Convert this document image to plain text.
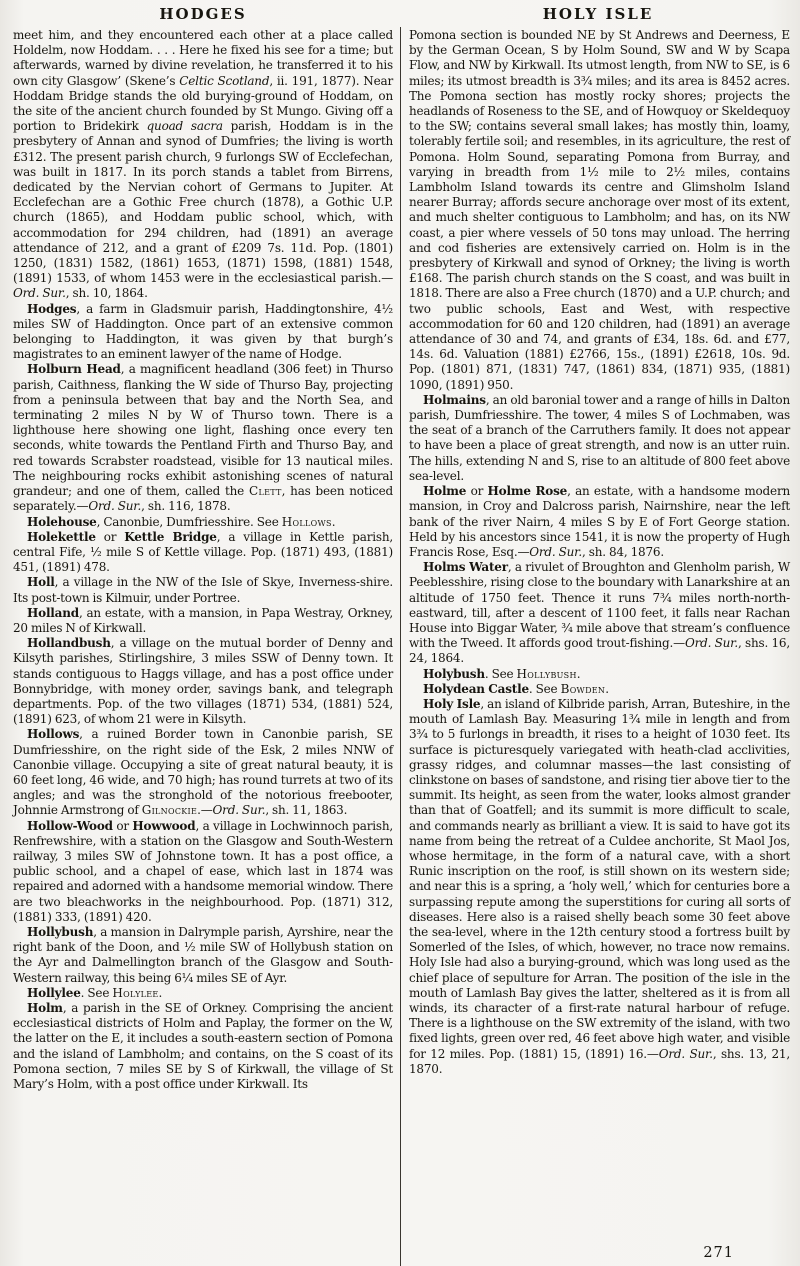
HODGES	HOLY ISLE

meet him, and they encountered each other at a place called Holdelm, now Hoddam. . . . Here he fixed his see for a time; but afterwards, warned by divine revelation, he transferred it to his own city Glasgow’ (Skene’s Celtic Scotland, ii. 191, 1877). Near Hoddam Bridge stands the old burying-ground of Hoddam, on the site of the ancient church founded by St Mungo. Giving off a portion to Bridekirk quoad sacra parish, Hoddam is in the presbytery of Annan and synod of Dumfries; the living is worth £312. The present parish church, 9 furlongs SW of Ecclefechan, was built in 1817. In its porch stands a tablet from Birrens, dedicated by the Nervian cohort of Germans to Jupiter. At Ecclefechan are a Gothic Free church (1878), a Gothic U.P. church (1865), and Hoddam public school, which, with accommodation for 294 children, had (1891) an average attendance of 212, and a grant of £209 7s. 11d. Pop. (1801) 1250, (1831) 1582, (1861) 1653, (1871) 1598, (1881) 1548, (1891) 1533, of whom 1453 were in the ecclesiastical parish.—Ord. Sur., sh. 10, 1864.

Hodges, a farm in Gladsmuir parish, Haddingtonshire, 4½ miles SW of Haddington. Once part of an extensive common belonging to Haddington, it was given by that burgh’s magistrates to an eminent lawyer of the name of Hodge.

Holburn Head, a magnificent headland (306 feet) in Thurso parish, Caithness, flanking the W side of Thurso Bay, projecting from a peninsula between that bay and the North Sea, and terminating 2 miles N by W of Thurso town. There is a lighthouse here showing one light, flashing once every ten seconds, white towards the Pentland Firth and Thurso Bay, and red towards Scrabster roadstead, visible for 13 nautical miles. The neighbouring rocks exhibit astonishing scenes of natural grandeur; and one of them, called the Clett, has been noticed separately.—Ord. Sur., sh. 116, 1878.

Holehouse, Canonbie, Dumfriesshire. See Hollows.

Holekettle or Kettle Bridge, a village in Kettle parish, central Fife, ½ mile S of Kettle village. Pop. (1871) 493, (1881) 451, (1891) 478.

Holl, a village in the NW of the Isle of Skye, Inverness-shire. Its post-town is Kilmuir, under Portree.

Holland, an estate, with a mansion, in Papa Westray, Orkney, 20 miles N of Kirkwall.

Hollandbush, a village on the mutual border of Denny and Kilsyth parishes, Stirlingshire, 3 miles SSW of Denny town. It stands contiguous to Haggs village, and has a post office under Bonnybridge, with money order, savings bank, and telegraph departments. Pop. of the two villages (1871) 534, (1881) 524, (1891) 623, of whom 21 were in Kilsyth.

Hollows, a ruined Border town in Canonbie parish, SE Dumfriesshire, on the right side of the Esk, 2 miles NNW of Canonbie village. Occupying a site of great natural beauty, it is 60 feet long, 46 wide, and 70 high; has round turrets at two of its angles; and was the stronghold of the notorious freebooter, Johnnie Armstrong of Gilnockie.—Ord. Sur., sh. 11, 1863.

Hollow-Wood or Howwood, a village in Lochwinnoch parish, Renfrewshire, with a station on the Glasgow and South-Western railway, 3 miles SW of Johnstone town. It has a post office, a public school, and a chapel of ease, which last in 1874 was repaired and adorned with a handsome memorial window. There are two bleachworks in the neighbourhood. Pop. (1871) 312, (1881) 333, (1891) 420.

Hollybush, a mansion in Dalrymple parish, Ayrshire, near the right bank of the Doon, and ½ mile SW of Hollybush station on the Ayr and Dalmellington branch of the Glasgow and South-Western railway, this being 6¼ miles SE of Ayr.

Hollylee. See Holylee.

Holm, a parish in the SE of Orkney. Comprising the ancient ecclesiastical districts of Holm and Paplay, the former on the W, the latter on the E, it includes a south-eastern section of Pomona and the island of Lambholm; and contains, on the S coast of its Pomona section, 7 miles SE by S of Kirkwall, the village of St Mary’s Holm, with a post office under Kirkwall. Its

Pomona section is bounded NE by St Andrews and Deerness, E by the German Ocean, S by Holm Sound, SW and W by Scapa Flow, and NW by Kirkwall. Its utmost length, from NW to SE, is 6 miles; its utmost breadth is 3¾ miles; and its area is 8452 acres. The Pomona section has mostly rocky shores; projects the headlands of Roseness to the SE, and of Howquoy or Skeldequoy to the SW; contains several small lakes; has mostly thin, loamy, tolerably fertile soil; and resembles, in its agriculture, the rest of Pomona. Holm Sound, separating Pomona from Burray, and varying in breadth from 1½ mile to 2½ miles, contains Lambholm Island towards its centre and Glimsholm Island nearer Burray; affords secure anchorage over most of its extent, and much shelter contiguous to Lambholm; and has, on its NW coast, a pier where vessels of 50 tons may unload. The herring and cod fisheries are extensively carried on. Holm is in the presbytery of Kirkwall and synod of Orkney; the living is worth £168. The parish church stands on the S coast, and was built in 1818. There are also a Free church (1870) and a U.P. church; and two public schools, East and West, with respective accommodation for 60 and 120 children, had (1891) an average attendance of 30 and 74, and grants of £34, 18s. 6d. and £77, 14s. 6d. Valuation (1881) £2766, 15s., (1891) £2618, 10s. 9d. Pop. (1801) 871, (1831) 747, (1861) 834, (1871) 935, (1881) 1090, (1891) 950.

Holmains, an old baronial tower and a range of hills in Dalton parish, Dumfriesshire. The tower, 4 miles S of Lochmaben, was the seat of a branch of the Carruthers family. It does not appear to have been a place of great strength, and now is an utter ruin. The hills, extending N and S, rise to an altitude of 800 feet above sea-level.

Holme or Holme Rose, an estate, with a handsome modern mansion, in Croy and Dalcross parish, Nairnshire, near the left bank of the river Nairn, 4 miles S by E of Fort George station. Held by his ancestors since 1541, it is now the property of Hugh Francis Rose, Esq.—Ord. Sur., sh. 84, 1876.

Holms Water, a rivulet of Broughton and Glenholm parish, W Peeblesshire, rising close to the boundary with Lanarkshire at an altitude of 1750 feet. Thence it runs 7¾ miles north-north-eastward, till, after a descent of 1100 feet, it falls near Rachan House into Biggar Water, ¾ mile above that stream’s confluence with the Tweed. It affords good trout-fishing.—Ord. Sur., shs. 16, 24, 1864.

Holybush. See Hollybush.

Holydean Castle. See Bowden.

Holy Isle, an island of Kilbride parish, Arran, Buteshire, in the mouth of Lamlash Bay. Measuring 1¾ mile in length and from 3¾ to 5 furlongs in breadth, it rises to a height of 1030 feet. Its surface is picturesquely variegated with heath-clad acclivities, grassy ridges, and columnar masses—the last consisting of clinkstone on bases of sandstone, and rising tier above tier to the summit. Its height, as seen from the water, looks almost grander than that of Goatfell; and its summit is more difficult to scale, and commands nearly as brilliant a view. It is said to have got its name from being the retreat of a Culdee anchorite, St Maol Jos, whose hermitage, in the form of a natural cave, with a short Runic inscription on the roof, is still shown on its western side; and near this is a spring, a ‘holy well,’ which for centuries bore a surpassing repute among the superstitions for curing all sorts of diseases. Here also is a raised shelly beach some 30 feet above the sea-level, where in the 12th century stood a fortress built by Somerled of the Isles, of which, however, no trace now remains. Holy Isle had also a burying-ground, which was long used as the chief place of sepulture for Arran. The position of the isle in the mouth of Lamlash Bay gives the latter, sheltered as it is from all winds, its character of a first-rate natural harbour of refuge. There is a lighthouse on the SW extremity of the island, with two fixed lights, green over red, 46 feet above high water, and visible for 12 miles. Pop. (1881) 15, (1891) 16.—Ord. Sur., shs. 13, 21, 1870.

271
